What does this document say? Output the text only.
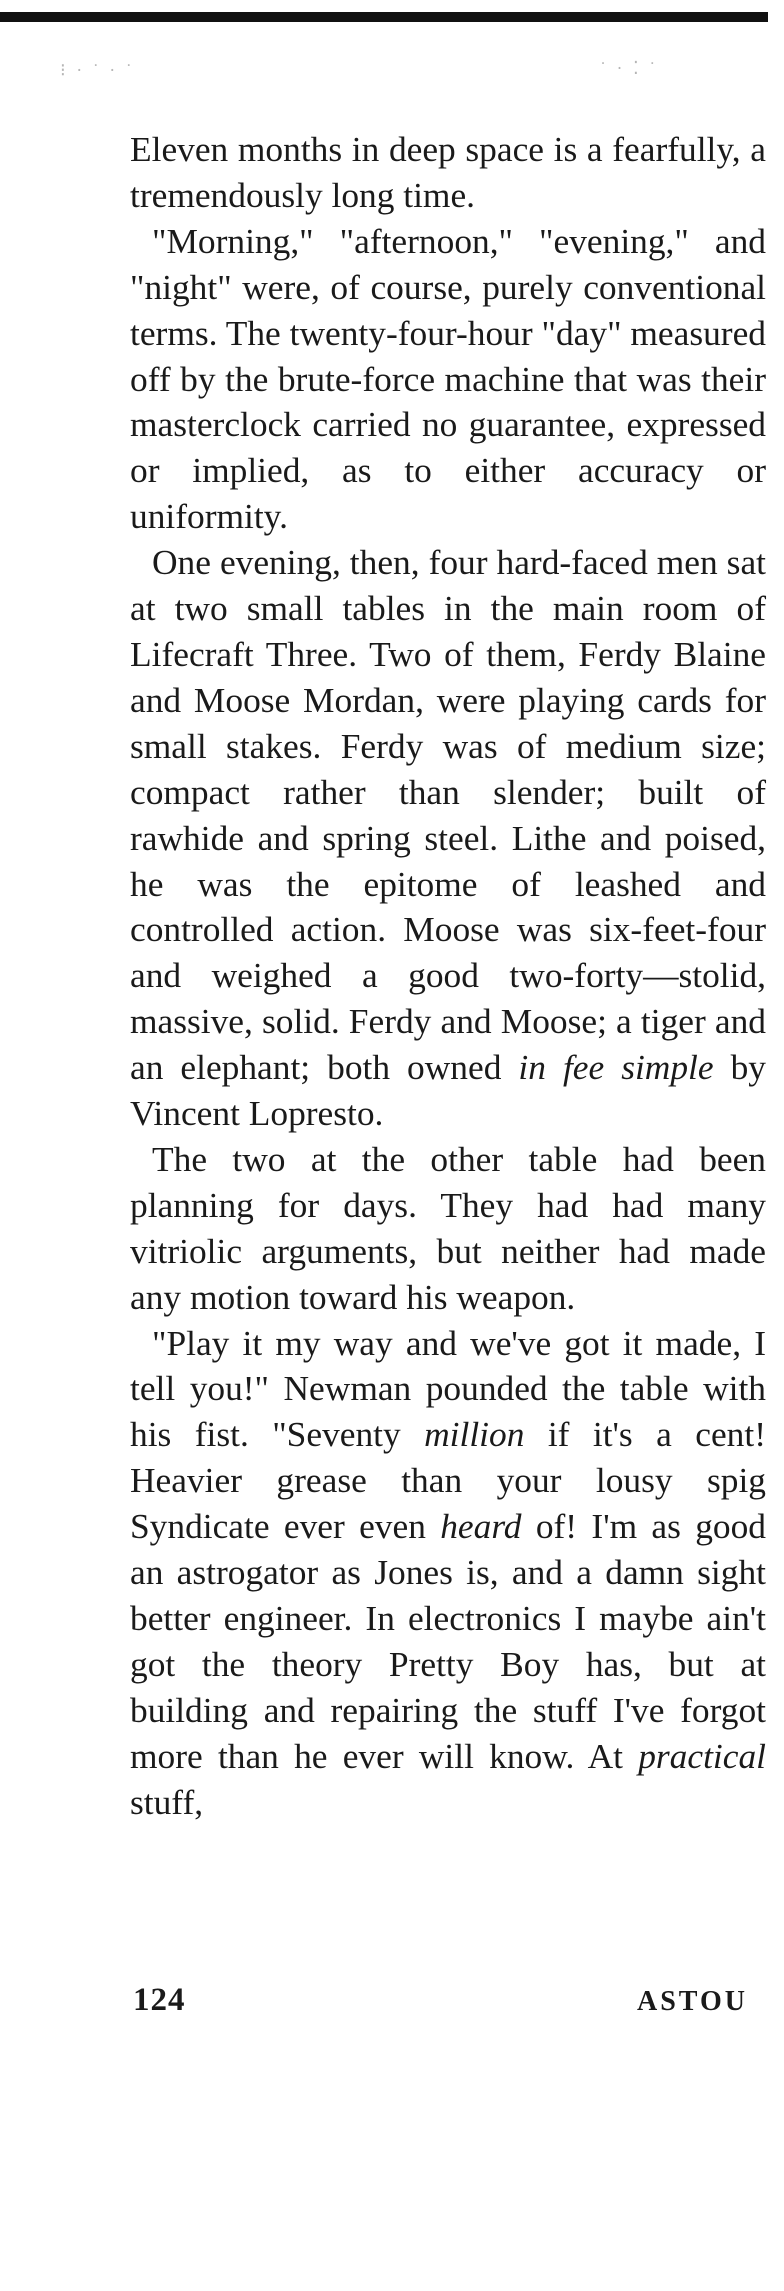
⁝ · ˙ · ˙	˙ · ⁚ ˙

Eleven months in deep space is a fearfully, a tremendously long time.

"Morning," "afternoon," "evening," and "night" were, of course, purely conventional terms. The twenty-four-hour "day" measured off by the brute-force machine that was their masterclock carried no guarantee, expressed or implied, as to either accuracy or uniformity.

One evening, then, four hard-faced men sat at two small tables in the main room of Lifecraft Three. Two of them, Ferdy Blaine and Moose Mordan, were playing cards for small stakes. Ferdy was of medium size; compact rather than slender; built of rawhide and spring steel. Lithe and poised, he was the epitome of leashed and controlled action. Moose was six-feet-four and weighed a good two-forty—stolid, massive, solid. Ferdy and Moose; a tiger and an elephant; both owned in fee simple by Vincent Lopresto.

The two at the other table had been planning for days. They had had many vitriolic arguments, but neither had made any motion toward his weapon.

"Play it my way and we've got it made, I tell you!" Newman pounded the table with his fist. "Seventy million if it's a cent! Heavier grease than your lousy spig Syndicate ever even heard of! I'm as good an astrogator as Jones is, and a damn sight better engineer. In electronics I maybe ain't got the theory Pretty Boy has, but at building and repairing the stuff I've forgot more than he ever will know. At practical stuff,

124	ASTOU
